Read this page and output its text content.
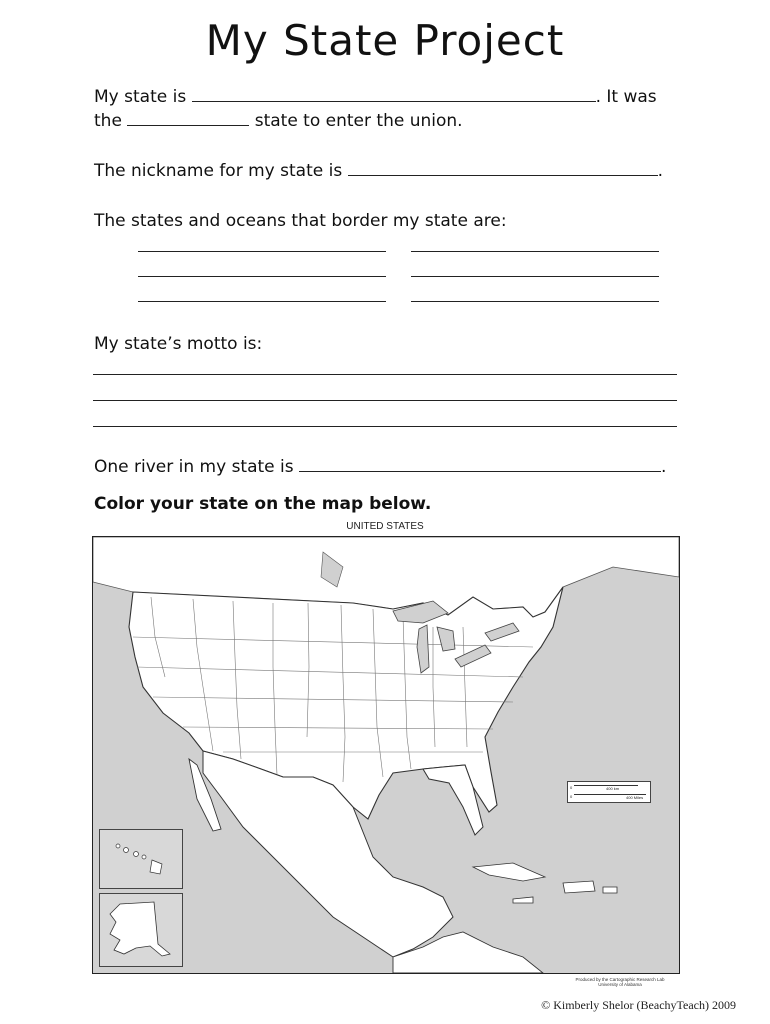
My State Project
My state is	. It was
the	state to enter the union.
The nickname for my state is	.
The states and oceans that border my state are:
My state’s motto is:
One river in my state is	.
Color your state on the map below.
UNITED STATES
0	400 km
0	400 Miles
Produced by the Cartographic Research Lab
University of Alabama
© Kimberly Shelor (BeachyTeach) 2009
